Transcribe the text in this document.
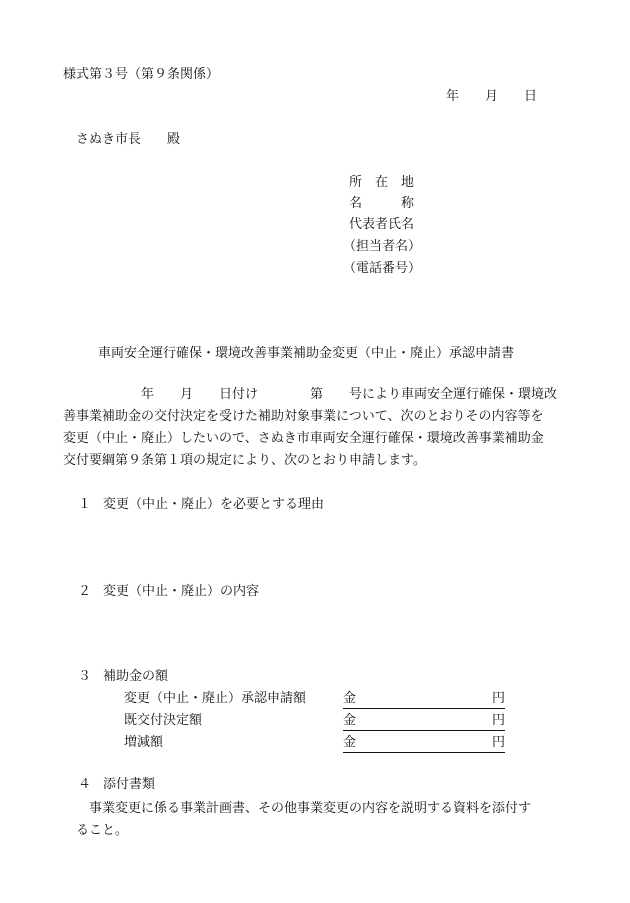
様式第３号（第９条関係）
年　　月　　日
さぬき市長　　殿
所　在　地
名　　　称
代表者氏名
（担当者名）
（電話番号）
車両安全運行確保・環境改善事業補助金変更（中止・廃止）承認申請書

　　　　　　年　　月　　日付け　　　　第　　号により車両安全運行確保・環境改

善事業補助金の交付決定を受けた補助対象事業について、次のとおりその内容等を

変更（中止・廃止）したいので、さぬき市車両安全運行確保・環境改善事業補助金

交付要綱第９条第１項の規定により、次のとおり申請します。

１ 変更（中止・廃止）を必要とする理由
２ 変更（中止・廃止）の内容
３ 補助金の額
変更（中止・廃止）承認申請額	金	円
既交付決定額	金	円
増減額	金	円
４ 添付書類

　事業変更に係る事業計画書、その他事業変更の内容を説明する資料を添付す

ること。
